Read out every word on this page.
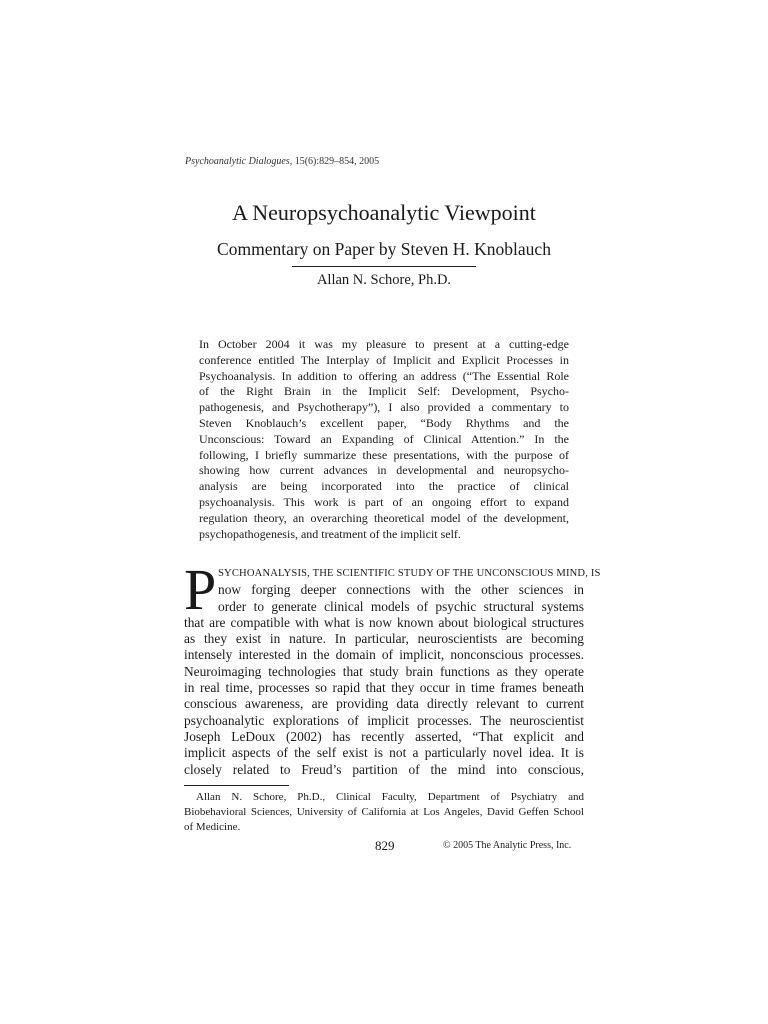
Psychoanalytic Dialogues, 15(6):829–854, 2005
A Neuropsychoanalytic Viewpoint
Commentary on Paper by Steven H. Knoblauch
Allan N. Schore, Ph.D.
In October 2004 it was my pleasure to present at a cutting-edge
conference entitled The Interplay of Implicit and Explicit Processes in
Psychoanalysis. In addition to offering an address (“The Essential Role
of the Right Brain in the Implicit Self: Development, Psycho-
pathogenesis, and Psychotherapy”), I also provided a commentary to
Steven Knoblauch’s excellent paper, “Body Rhythms and the
Unconscious: Toward an Expanding of Clinical Attention.” In the
following, I briefly summarize these presentations, with the purpose of
showing how current advances in developmental and neuropsycho-
analysis are being incorporated into the practice of clinical
psychoanalysis. This work is part of an ongoing effort to expand
regulation theory, an overarching theoretical model of the development,
psychopathogenesis, and treatment of the implicit self.
P SYCHOANALYSIS, THE SCIENTIFIC STUDY OF THE UNCONSCIOUS MIND, IS
now forging deeper connections with the other sciences in
order to generate clinical models of psychic structural systems
that are compatible with what is now known about biological structures
as they exist in nature. In particular, neuroscientists are becoming
intensely interested in the domain of implicit, nonconscious processes.
Neuroimaging technologies that study brain functions as they operate
in real time, processes so rapid that they occur in time frames beneath
conscious awareness, are providing data directly relevant to current
psychoanalytic explorations of implicit processes. The neuroscientist
Joseph LeDoux (2002) has recently asserted, “That explicit and
implicit aspects of the self exist is not a particularly novel idea. It is
closely related to Freud’s partition of the mind into conscious,
Allan N. Schore, Ph.D., Clinical Faculty, Department of Psychiatry and
Biobehavioral Sciences, University of California at Los Angeles, David Geffen School
of Medicine.
829	© 2005 The Analytic Press, Inc.
